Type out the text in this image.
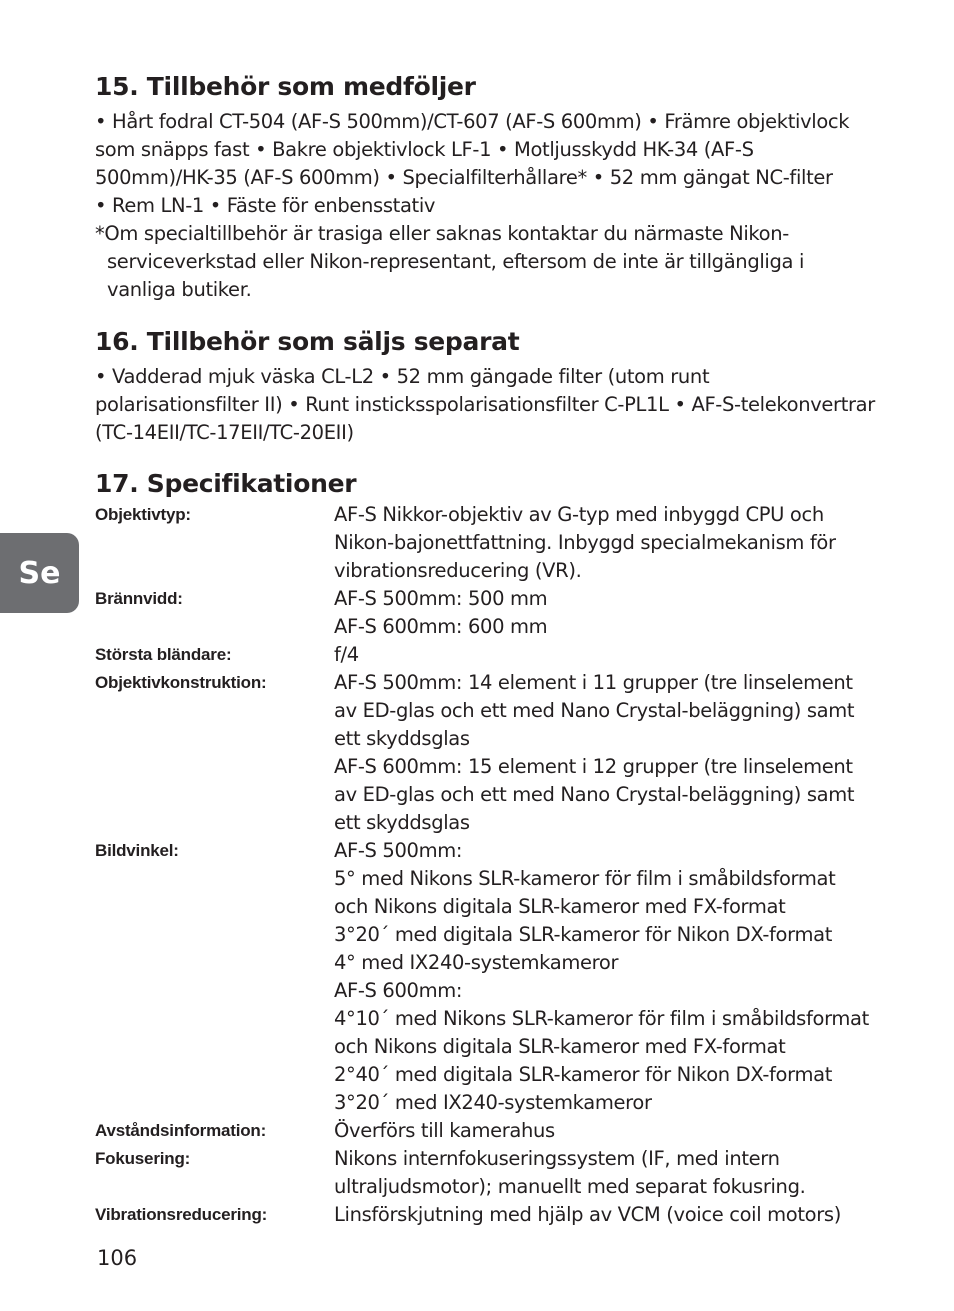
Se
15. Tillbehör som medföljer
• Hårt fodral CT-504 (AF-S 500mm)/CT-607 (AF-S 600mm) • Främre objektivlock
som snäpps fast • Bakre objektivlock LF-1 • Motljusskydd HK-34 (AF-S
500mm)/HK-35 (AF-S 600mm) • Specialfilterhållare* • 52 mm gängat NC-filter
• Rem LN-1 • Fäste för enbensstativ
*Om specialtillbehör är trasiga eller saknas kontaktar du närmaste Nikon-
serviceverkstad eller Nikon-representant, eftersom de inte är tillgängliga i
vanliga butiker.
16. Tillbehör som säljs separat
• Vadderad mjuk väska CL-L2 • 52 mm gängade filter (utom runt
polarisationsfilter II) • Runt insticksspolarisationsfilter C-PL1L • AF-S-telekonvertrar
(TC-14EII/TC-17EII/TC-20EII)
17. Specifikationer
Objektivtyp:	AF-S Nikkor-objektiv av G-typ med inbyggd CPU och
Nikon-bajonettfattning. Inbyggd specialmekanism för
vibrationsreducering (VR).
Brännvidd:	AF-S 500mm: 500 mm
AF-S 600mm: 600 mm
Största bländare:	f/4
Objektivkonstruktion:	AF-S 500mm: 14 element i 11 grupper (tre linselement
av ED-glas och ett med Nano Crystal-beläggning) samt
ett skyddsglas
AF-S 600mm: 15 element i 12 grupper (tre linselement
av ED-glas och ett med Nano Crystal-beläggning) samt
ett skyddsglas
Bildvinkel:	AF-S 500mm:
5° med Nikons SLR-kameror för film i småbildsformat
och Nikons digitala SLR-kameror med FX-format
3°20´ med digitala SLR-kameror för Nikon DX-format
4° med IX240-systemkameror
AF-S 600mm:
4°10´ med Nikons SLR-kameror för film i småbildsformat
och Nikons digitala SLR-kameror med FX-format
2°40´ med digitala SLR-kameror för Nikon DX-format
3°20´ med IX240-systemkameror
Avståndsinformation:	Överförs till kamerahus
Fokusering:	Nikons internfokuseringssystem (IF, med intern
ultraljudsmotor); manuellt med separat fokusring.
Vibrationsreducering:	Linsförskjutning med hjälp av VCM (voice coil motors)
106
